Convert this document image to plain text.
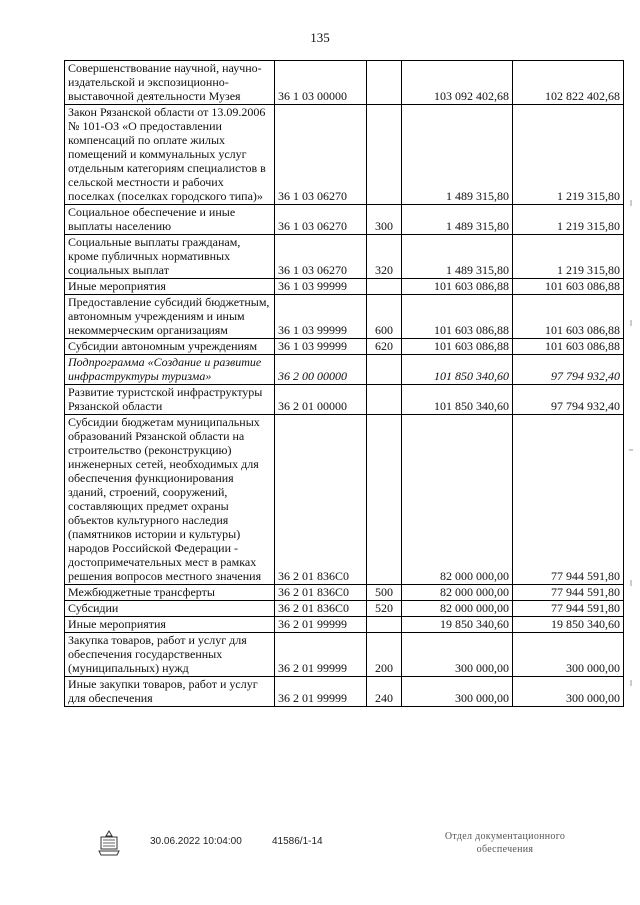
135
Совершенствование научной, научно-издательской и экспозиционно-выставочной деятельности Музея	36 1 03 00000		103 092 402,68	102 822 402,68
Закон Рязанской области от 13.09.2006 № 101-ОЗ «О предоставлении компенсаций по оплате жилых помещений и коммунальных услуг отдельным категориям специалистов в сельской местности и рабочих поселках (поселках городского типа)»	36 1 03 06270		1 489 315,80	1 219 315,80
Социальное обеспечение и иные выплаты населению	36 1 03 06270	300	1 489 315,80	1 219 315,80
Социальные выплаты гражданам, кроме публичных нормативных социальных выплат	36 1 03 06270	320	1 489 315,80	1 219 315,80
Иные мероприятия	36 1 03 99999		101 603 086,88	101 603 086,88
Предоставление субсидий бюджетным, автономным учреждениям и иным некоммерческим организациям	36 1 03 99999	600	101 603 086,88	101 603 086,88
Субсидии автономным учреждениям	36 1 03 99999	620	101 603 086,88	101 603 086,88
Подпрограмма «Создание и развитие инфраструктуры туризма»	36 2 00 00000		101 850 340,60	97 794 932,40
Развитие туристской инфраструктуры Рязанской области	36 2 01 00000		101 850 340,60	97 794 932,40
Субсидии бюджетам муниципальных образований Рязанской области на строительство (реконструкцию) инженерных сетей, необходимых для обеспечения функционирования зданий, строений, сооружений, составляющих предмет охраны объектов культурного наследия (памятников истории и культуры) народов Российской Федерации - достопримечательных мест в рамках решения вопросов местного значения	36 2 01 836С0		82 000 000,00	77 944 591,80
Межбюджетные трансферты	36 2 01 836С0	500	82 000 000,00	77 944 591,80
Субсидии	36 2 01 836С0	520	82 000 000,00	77 944 591,80
Иные мероприятия	36 2 01 99999		19 850 340,60	19 850 340,60
Закупка товаров, работ и услуг для обеспечения государственных (муниципальных) нужд	36 2 01 99999	200	300 000,00	300 000,00
Иные закупки товаров, работ и услуг для обеспечения	36 2 01 99999	240	300 000,00	300 000,00
30.06.2022 10:04:00	41586/1-14	Отдел документационного обеспечения
